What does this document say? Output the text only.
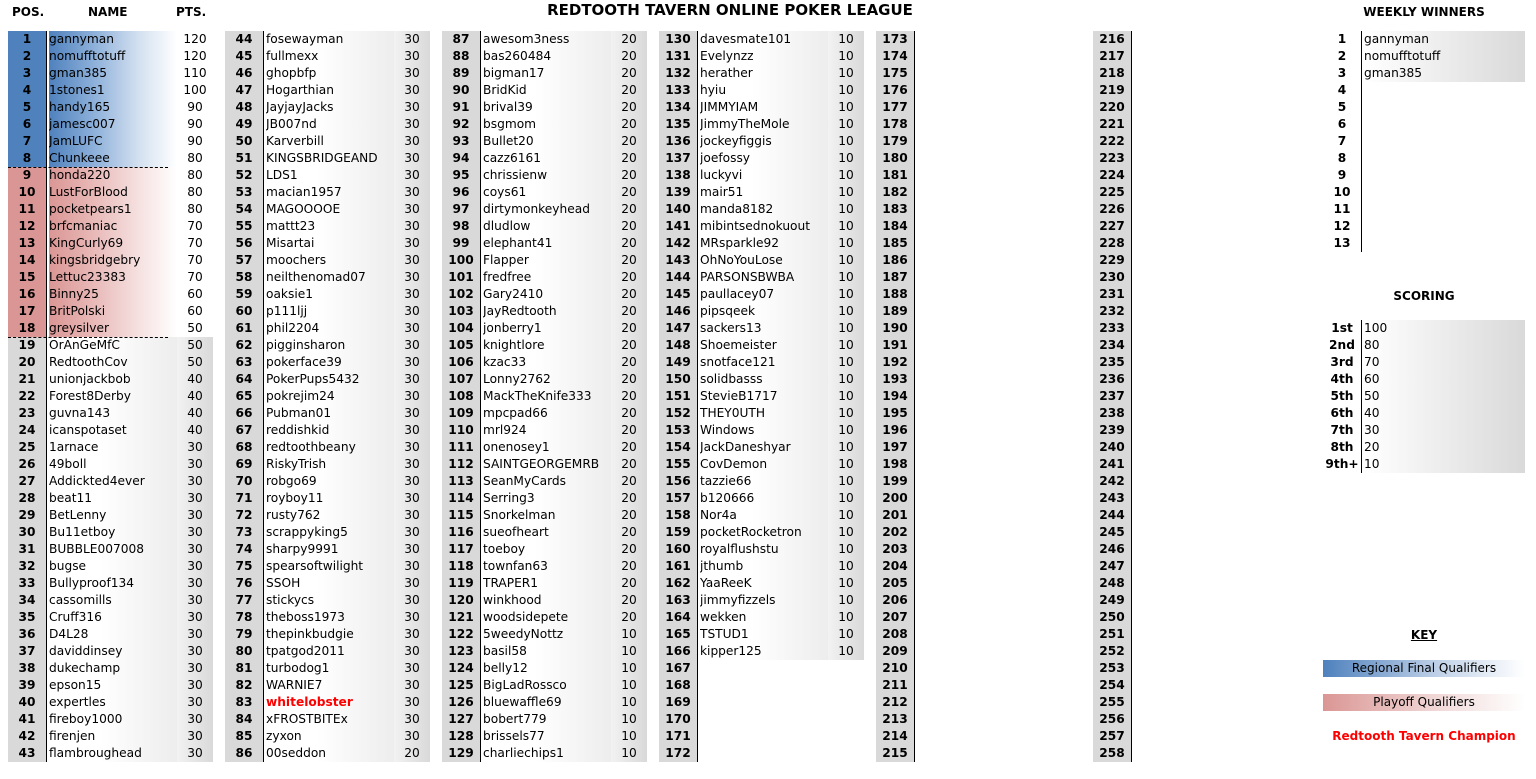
POS.	NAME	PTS.	REDTOOTH TAVERN ONLINE POKER LEAGUE
1	gannyman	120
2	nomufftotuff	120
3	gman385	110
4	1stones1	100
5	handy165	90
6	jamesc007	90
7	JamLUFC	90
8	Chunkeee	80
9	honda220	80
10	LustForBlood	80
11	pocketpears1	80
12	brfcmaniac	70
13	KingCurly69	70
14	kingsbridgebry	70
15	Lettuc23383	70
16	Binny25	60
17	BritPolski	60
18	greysilver	50
19	OrAnGeMfC	50
20	RedtoothCov	50
21	unionjackbob	40
22	Forest8Derby	40
23	guvna143	40
24	icanspotaset	40
25	1arnace	30
26	49boll	30
27	Addickted4ever	30
28	beat11	30
29	BetLenny	30
30	Bu11etboy	30
31	BUBBLE007008	30
32	bugse	30
33	Bullyproof134	30
34	cassomills	30
35	Cruff316	30
36	D4L28	30
37	daviddinsey	30
38	dukechamp	30
39	epson15	30
40	expertles	30
41	fireboy1000	30
42	firenjen	30
43	flambroughead	30
44	fosewayman	30
45	fullmexx	30
46	ghopbfp	30
47	Hogarthian	30
48	JayjayJacks	30
49	JB007nd	30
50	Karverbill	30
51	KINGSBRIDGEAND	30
52	LDS1	30
53	macian1957	30
54	MAGOOOOE	30
55	mattt23	30
56	Misartai	30
57	moochers	30
58	neilthenomad07	30
59	oaksie1	30
60	p111ljj	30
61	phil2204	30
62	pigginsharon	30
63	pokerface39	30
64	PokerPups5432	30
65	pokrejim24	30
66	Pubman01	30
67	reddishkid	30
68	redtoothbeany	30
69	RiskyTrish	30
70	robgo69	30
71	royboy11	30
72	rusty762	30
73	scrappyking5	30
74	sharpy9991	30
75	spearsoftwilight	30
76	SSOH	30
77	stickycs	30
78	theboss1973	30
79	thepinkbudgie	30
80	tpatgod2011	30
81	turbodog1	30
82	WARNIE7	30
83	whitelobster	30
84	xFROSTBITEx	30
85	zyxon	30
86	00seddon	20
87	awesom3ness	20
88	bas260484	20
89	bigman17	20
90	BridKid	20
91	brival39	20
92	bsgmom	20
93	Bullet20	20
94	cazz6161	20
95	chrissienw	20
96	coys61	20
97	dirtymonkeyhead	20
98	dludlow	20
99	elephant41	20
100 Flapper	20
101 fredfree	20
102 Gary2410	20
103 JayRedtooth	20
104 jonberry1	20
105 knightlore	20
106 kzac33	20
107 Lonny2762	20
108 MackTheKnife333	20
109 mpcpad66	20
110 mrl924	20
111 onenosey1	20
112 SAINTGEORGEMRB	20
113 SeanMyCards	20
114 Serring3	20
115 Snorkelman	20
116 sueofheart	20
117 toeboy	20
118 townfan63	20
119 TRAPER1	20
120 winkhood	20
121 woodsidepete	20
122 5weedyNottz	10
123 basil58	10
124 belly12	10
125 BigLadRossco	10
126 bluewaffle69	10
127 bobert779	10
128 brissels77	10
129 charliechips1	10
130 davesmate101	10
131 Evelynzz	10
132 herather	10
133 hyiu	10
134 JIMMYIAM	10
135 JimmyTheMole	10
136 jockeyfiggis	10
137 joefossy	10
138 luckyvi	10
139 mair51	10
140 manda8182	10
141 mibintsednokuout	10
142 MRsparkle92	10
143 OhNoYouLose	10
144 PARSONSBWBA	10
145 paullacey07	10
146 pipsqeek	10
147 sackers13	10
148 Shoemeister	10
149 snotface121	10
150 solidbasss	10
151 StevieB1717	10
152 THEY0UTH	10
153 Windows	10
154 JackDaneshyar	10
155 CovDemon	10
156 tazzie66	10
157 b120666	10
158 Nor4a	10
159 pocketRocketron	10
160 royalflushstu	10
161 jthumb	10
162 YaaReeK	10
163 jimmyfizzels	10
164 wekken	10
165 TSTUD1	10
166 kipper125	10
167
168
169
170
171
172
173
174
175
176
177
178
179
180
181
182
183
184
185
186
187
188
189
190
191
192
193
194
195
196
197
198
199
200
201
202
203
204
205
206
207
208
209
210
211
212
213
214
215
216
217
218
219
220
221
222
223
224
225
226
227
228
229
230
231
232
233
234
235
236
237
238
239
240
241
242
243
244
245
246
247
248
249
250
251
252
253
254
255
256
257
258
WEEKLY WINNERS
1	gannyman
2	nomufftotuff
3	gman385
4
5
6
7
8
9
10
11
12
13
SCORING
1st 100
2nd 80
3rd 70
4th 60
5th 50
6th 40
7th 30
8th 20
9th+ 10
KEY
Regional Final Qualifiers
Playoff Qualifiers
Redtooth Tavern Champion
